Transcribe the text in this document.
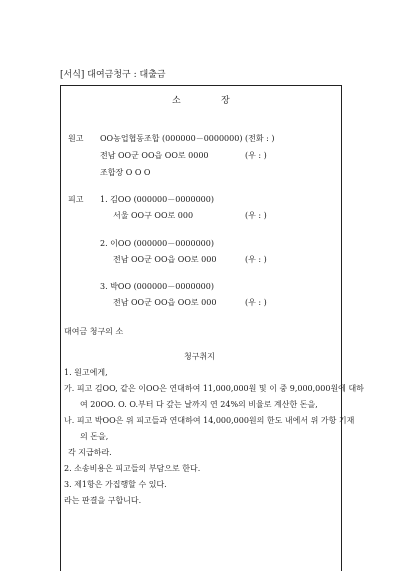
[서식] 대여금청구 : 대출금
소	장
원고 OO농업협동조합 (000000－0000000) (전화 : )
전남 OO군 OO읍 OO로 0000	(우 : )
조합장 O O O
피고 1. 김OO (000000－0000000)
서울 OO구 OO로 000	(우 : )
2. 이OO (000000－0000000)
전남 OO군 OO읍 OO로 000	(우 : )
3. 박OO (000000－0000000)
전남 OO군 OO읍 OO로 000	(우 : )
대여금 청구의 소
청구취지
1. 원고에게,
가. 피고 김OO, 같은 이OO은 연대하여 11,000,000원 및 이 중 9,000,000원에 대하
여 20OO. O. O.부터 다 갚는 날까지 연 24%의 비율로 계산한 돈을,
나. 피고 박OO은 위 피고들과 연대하여 14,000,000원의 한도 내에서 위 가항 기재
의 돈을,
각 지급하라.
2. 소송비용은 피고들의 부담으로 한다.
3. 제1항은 가집행할 수 있다.
라는 판결을 구합니다.
